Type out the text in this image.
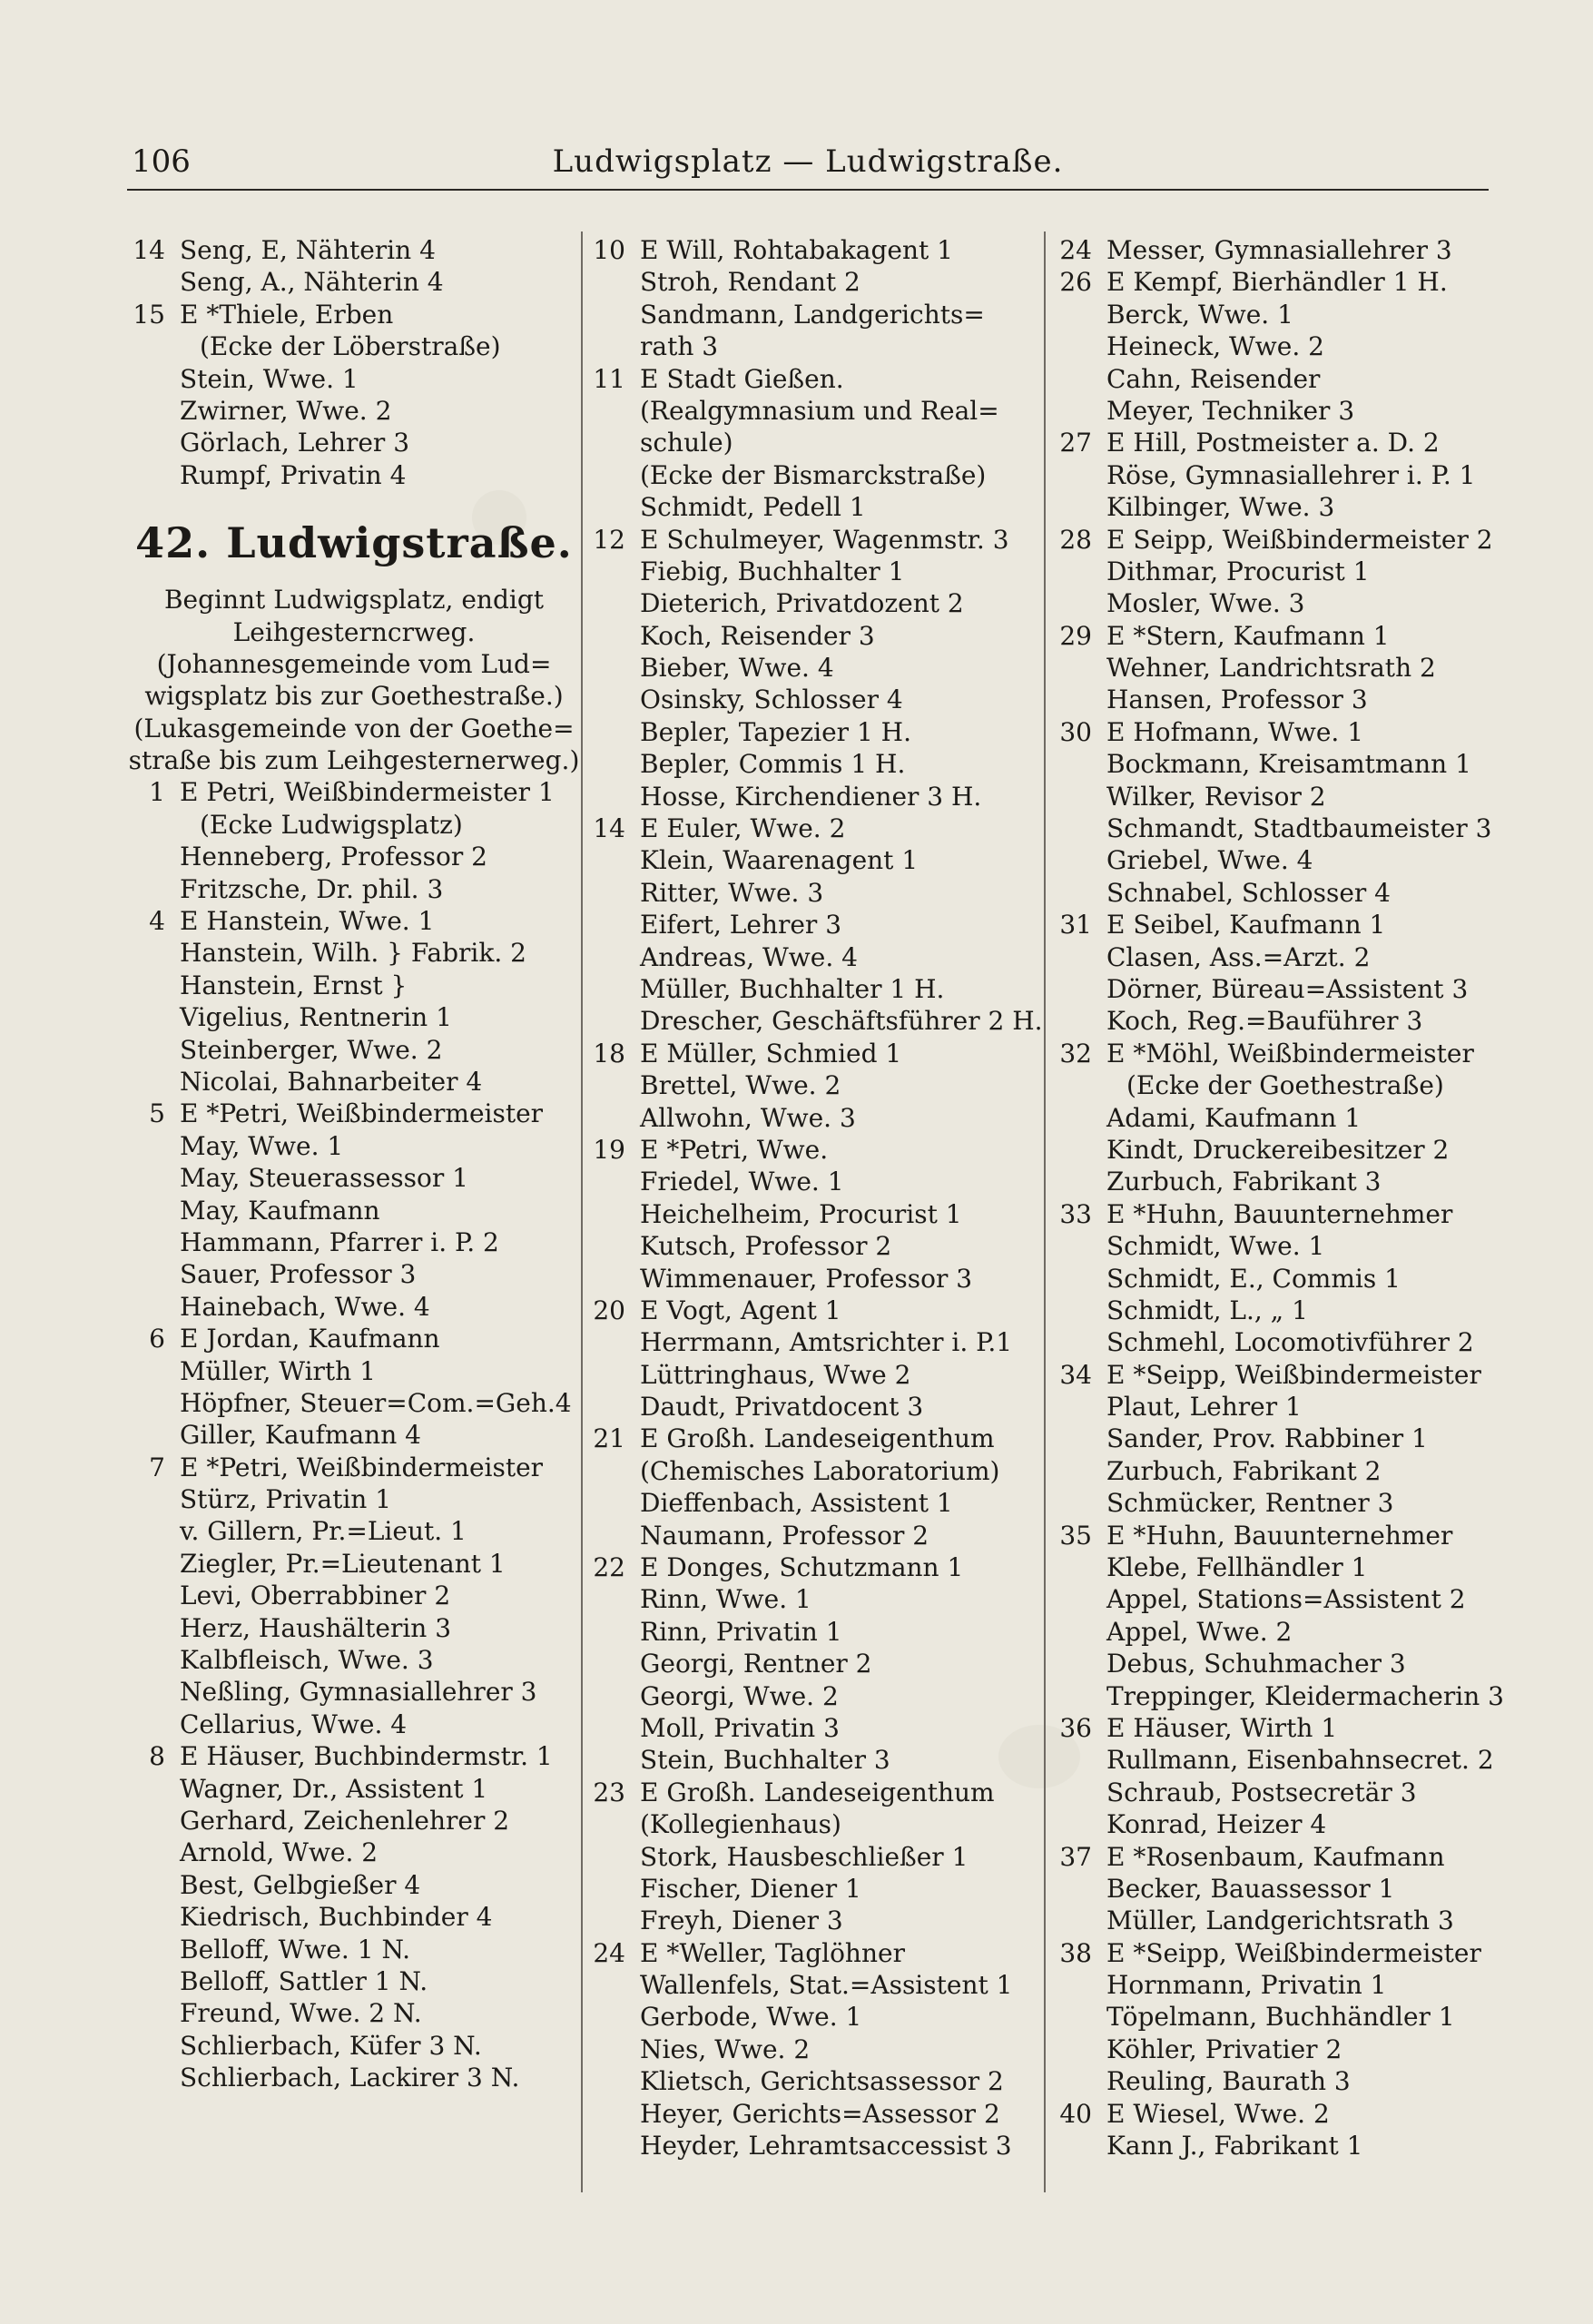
106	Ludwigsplatz — Ludwigstraße.
14 Seng, E, Nähterin 4
Seng, A., Nähterin 4
15 E *Thiele, Erben
(Ecke der Löberstraße)
Stein, Wwe. 1
Zwirner, Wwe. 2
Görlach, Lehrer 3
Rumpf, Privatin 4
42. Ludwigstraße.
Beginnt Ludwigsplatz, endigt
Leihgesterncrweg.
(Johannesgemeinde vom Lud=
wigsplatz bis zur Goethestraße.)
(Lukasgemeinde von der Goethe=
straße bis zum Leihgesternerweg.)
1 E Petri, Weißbindermeister 1
(Ecke Ludwigsplatz)
Henneberg, Professor 2
Fritzsche, Dr. phil. 3
4 E Hanstein, Wwe. 1
Hanstein, Wilh. } Fabrik. 2
Hanstein, Ernst }
Vigelius, Rentnerin 1
Steinberger, Wwe. 2
Nicolai, Bahnarbeiter 4
5 E *Petri, Weißbindermeister
May, Wwe. 1
May, Steuerassessor 1
May, Kaufmann
Hammann, Pfarrer i. P. 2
Sauer, Professor 3
Hainebach, Wwe. 4
6 E Jordan, Kaufmann
Müller, Wirth 1
Höpfner, Steuer=Com.=Geh.4
Giller, Kaufmann 4
7 E *Petri, Weißbindermeister
Stürz, Privatin 1
v. Gillern, Pr.=Lieut. 1
Ziegler, Pr.=Lieutenant 1
Levi, Oberrabbiner 2
Herz, Haushälterin 3
Kalbfleisch, Wwe. 3
Neßling, Gymnasiallehrer 3
Cellarius, Wwe. 4
8 E Häuser, Buchbindermstr. 1
Wagner, Dr., Assistent 1
Gerhard, Zeichenlehrer 2
Arnold, Wwe. 2
Best, Gelbgießer 4
Kiedrisch, Buchbinder 4
Belloff, Wwe. 1 N.
Belloff, Sattler 1 N.
Freund, Wwe. 2 N.
Schlierbach, Küfer 3 N.
Schlierbach, Lackirer 3 N.
10 E Will, Rohtabakagent 1
Stroh, Rendant 2
Sandmann, Landgerichts=
rath 3
11 E Stadt Gießen.
(Realgymnasium und Real=
schule)
(Ecke der Bismarckstraße)
Schmidt, Pedell 1
12 E Schulmeyer, Wagenmstr. 3
Fiebig, Buchhalter 1
Dieterich, Privatdozent 2
Koch, Reisender 3
Bieber, Wwe. 4
Osinsky, Schlosser 4
Bepler, Tapezier 1 H.
Bepler, Commis 1 H.
Hosse, Kirchendiener 3 H.
14 E Euler, Wwe. 2
Klein, Waarenagent 1
Ritter, Wwe. 3
Eifert, Lehrer 3
Andreas, Wwe. 4
Müller, Buchhalter 1 H.
Drescher, Geschäftsführer 2 H.
18 E Müller, Schmied 1
Brettel, Wwe. 2
Allwohn, Wwe. 3
19 E *Petri, Wwe.
Friedel, Wwe. 1
Heichelheim, Procurist 1
Kutsch, Professor 2
Wimmenauer, Professor 3
20 E Vogt, Agent 1
Herrmann, Amtsrichter i. P.1
Lüttringhaus, Wwe 2
Daudt, Privatdocent 3
21 E Großh. Landeseigenthum
(Chemisches Laboratorium)
Dieffenbach, Assistent 1
Naumann, Professor 2
22 E Donges, Schutzmann 1
Rinn, Wwe. 1
Rinn, Privatin 1
Georgi, Rentner 2
Georgi, Wwe. 2
Moll, Privatin 3
Stein, Buchhalter 3
23 E Großh. Landeseigenthum
(Kollegienhaus)
Stork, Hausbeschließer 1
Fischer, Diener 1
Freyh, Diener 3
24 E *Weller, Taglöhner
Wallenfels, Stat.=Assistent 1
Gerbode, Wwe. 1
Nies, Wwe. 2
Klietsch, Gerichtsassessor 2
Heyer, Gerichts=Assessor 2
Heyder, Lehramtsaccessist 3
24 Messer, Gymnasiallehrer 3
26 E Kempf, Bierhändler 1 H.
Berck, Wwe. 1
Heineck, Wwe. 2
Cahn, Reisender
Meyer, Techniker 3
27 E Hill, Postmeister a. D. 2
Röse, Gymnasiallehrer i. P. 1
Kilbinger, Wwe. 3
28 E Seipp, Weißbindermeister 2
Dithmar, Procurist 1
Mosler, Wwe. 3
29 E *Stern, Kaufmann 1
Wehner, Landrichtsrath 2
Hansen, Professor 3
30 E Hofmann, Wwe. 1
Bockmann, Kreisamtmann 1
Wilker, Revisor 2
Schmandt, Stadtbaumeister 3
Griebel, Wwe. 4
Schnabel, Schlosser 4
31 E Seibel, Kaufmann 1
Clasen, Ass.=Arzt. 2
Dörner, Büreau=Assistent 3
Koch, Reg.=Bauführer 3
32 E *Möhl, Weißbindermeister
(Ecke der Goethestraße)
Adami, Kaufmann 1
Kindt, Druckereibesitzer 2
Zurbuch, Fabrikant 3
33 E *Huhn, Bauunternehmer
Schmidt, Wwe. 1
Schmidt, E., Commis 1
Schmidt, L., „ 1
Schmehl, Locomotivführer 2
34 E *Seipp, Weißbindermeister
Plaut, Lehrer 1
Sander, Prov. Rabbiner 1
Zurbuch, Fabrikant 2
Schmücker, Rentner 3
35 E *Huhn, Bauunternehmer
Klebe, Fellhändler 1
Appel, Stations=Assistent 2
Appel, Wwe. 2
Debus, Schuhmacher 3
Treppinger, Kleidermacherin 3
36 E Häuser, Wirth 1
Rullmann, Eisenbahnsecret. 2
Schraub, Postsecretär 3
Konrad, Heizer 4
37 E *Rosenbaum, Kaufmann
Becker, Bauassessor 1
Müller, Landgerichtsrath 3
38 E *Seipp, Weißbindermeister
Hornmann, Privatin 1
Töpelmann, Buchhändler 1
Köhler, Privatier 2
Reuling, Baurath 3
40 E Wiesel, Wwe. 2
Kann J., Fabrikant 1
